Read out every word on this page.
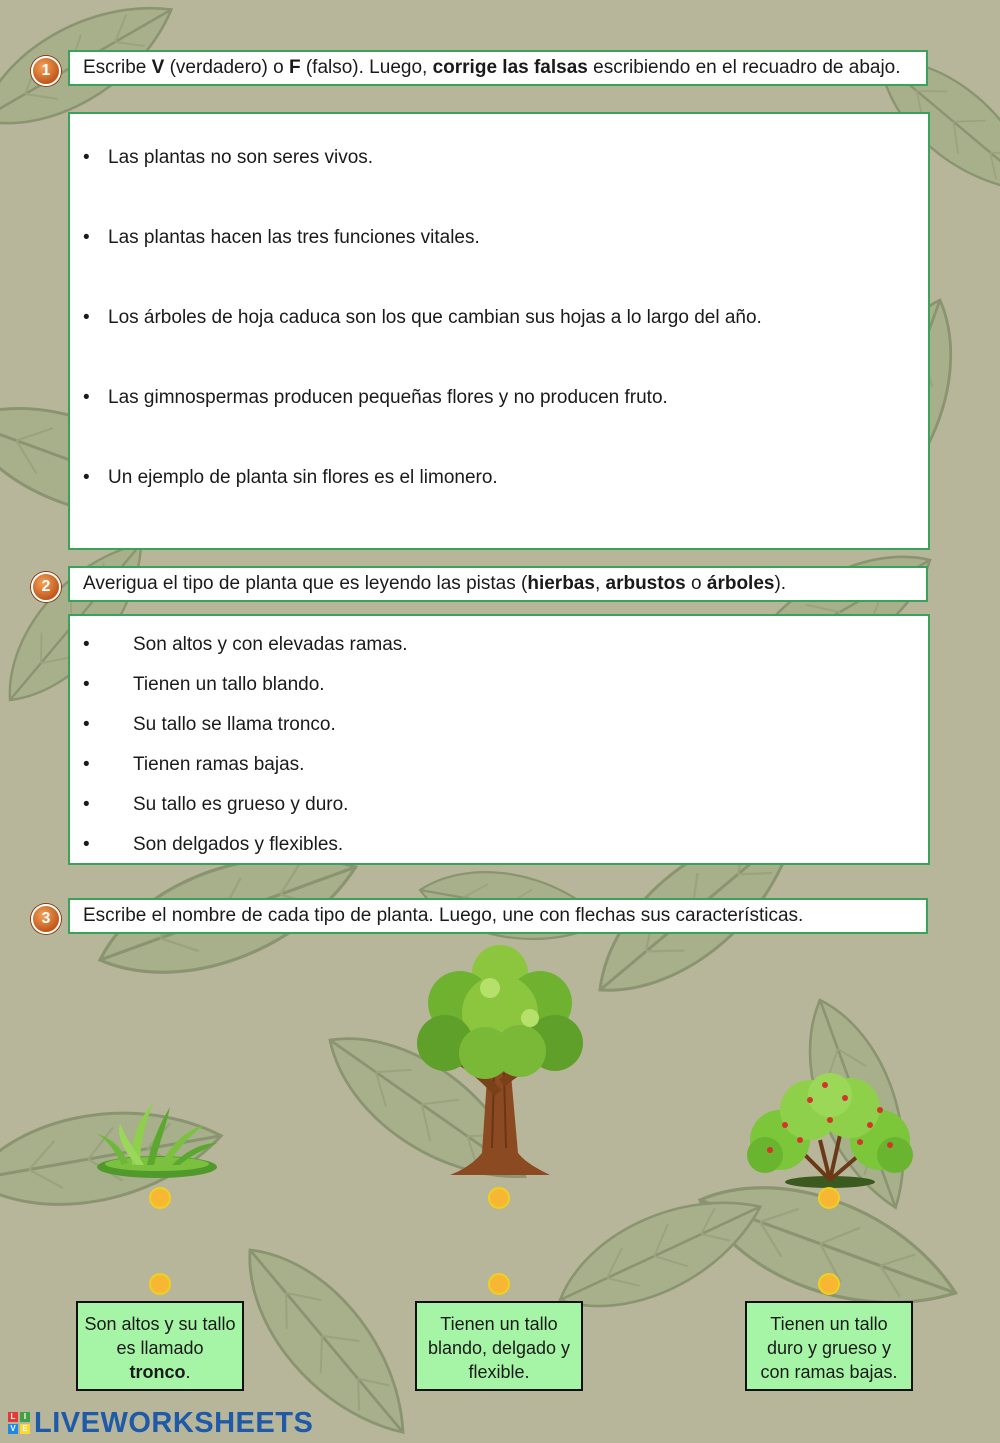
1	Escribe V (verdadero) o F (falso). Luego, corrige las falsas escribiendo en el recuadro de abajo.
• Las plantas no son seres vivos.
• Las plantas hacen las tres funciones vitales.
• Los árboles de hoja caduca son los que cambian sus hojas a lo largo del año.
• Las gimnospermas producen pequeñas flores y no producen fruto.
• Un ejemplo de planta sin flores es el limonero.
2	Averigua el tipo de planta que es leyendo las pistas (hierbas, arbustos o árboles).
• Son altos y con elevadas ramas.
• Tienen un tallo blando.
• Su tallo se llama tronco.
• Tienen ramas bajas.
• Su tallo es grueso y duro.
• Son delgados y flexibles.
3	Escribe el nombre de cada tipo de planta. Luego, une con flechas sus características.
Son altos y su tallo
es llamado
tronco.
Tienen un tallo
blando, delgado y
flexible.
Tienen un tallo
duro y grueso y
con ramas bajas.
L	I
V E LIVEWORKSHEETS
